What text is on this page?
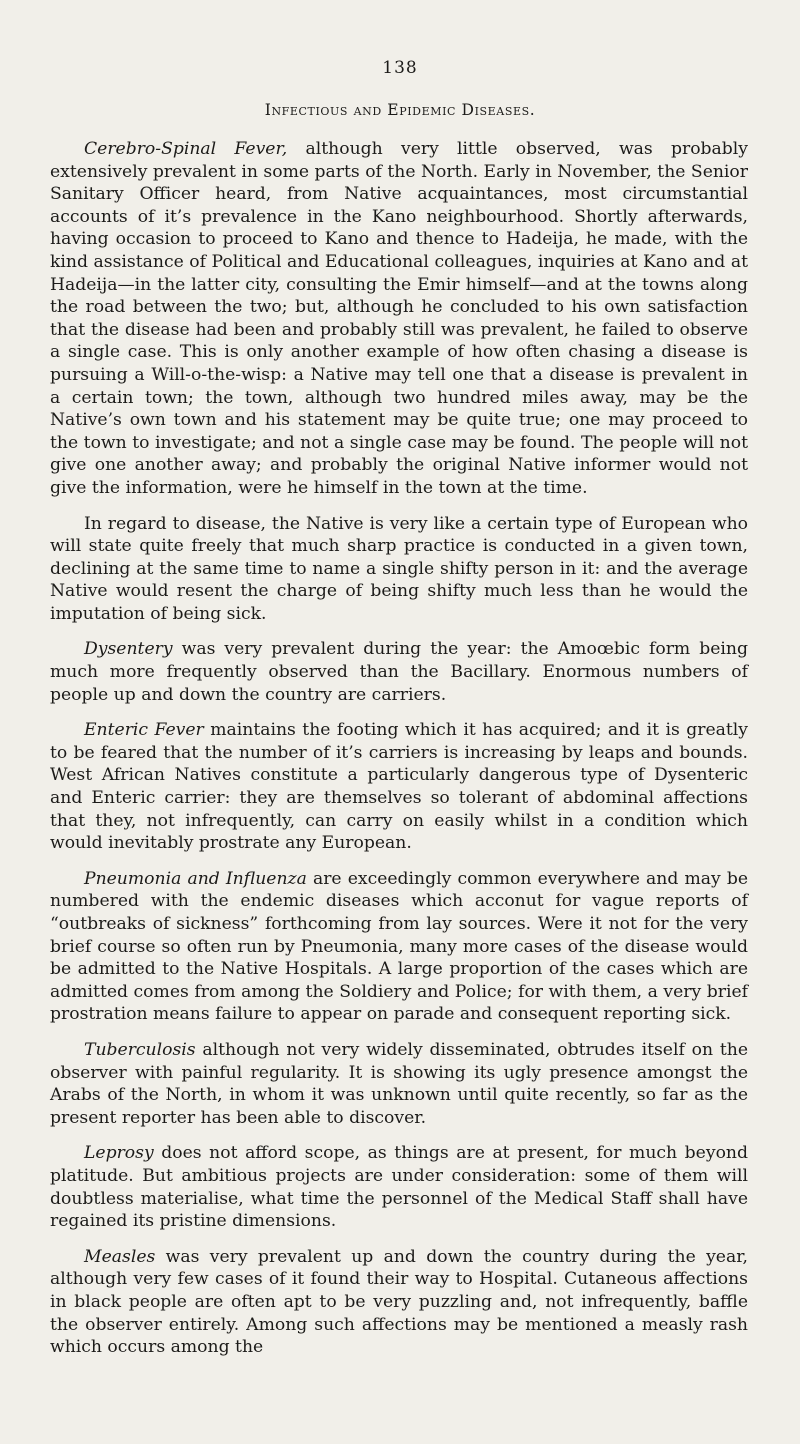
138
Infectious and Epidemic Diseases.

Cerebro-Spinal Fever, although very little observed, was probably extensively prevalent in some parts of the North. Early in November, the Senior Sanitary Officer heard, from Native acquaintances, most circumstantial accounts of it’s prevalence in the Kano neighbourhood. Shortly afterwards, having occasion to proceed to Kano and thence to Hadeija, he made, with the kind assistance of Political and Educational colleagues, inquiries at Kano and at Hadeija—in the latter city, consulting the Emir himself—and at the towns along the road between the two; but, although he concluded to his own satisfaction that the disease had been and probably still was prevalent, he failed to observe a single case. This is only another example of how often chasing a disease is pursuing a Will-o-the-wisp: a Native may tell one that a disease is prevalent in a certain town; the town, although two hundred miles away, may be the Native’s own town and his statement may be quite true; one may proceed to the town to investigate; and not a single case may be found. The people will not give one another away; and probably the original Native informer would not give the information, were he himself in the town at the time.

In regard to disease, the Native is very like a certain type of European who will state quite freely that much sharp practice is conducted in a given town, declining at the same time to name a single shifty person in it: and the average Native would resent the charge of being shifty much less than he would the imputation of being sick.

Dysentery was very prevalent during the year: the Amoœbic form being much more frequently observed than the Bacillary. Enormous numbers of people up and down the country are carriers.

Enteric Fever maintains the footing which it has acquired; and it is greatly to be feared that the number of it’s carriers is increasing by leaps and bounds. West African Natives constitute a particularly dangerous type of Dysenteric and Enteric carrier: they are themselves so tolerant of abdominal affections that they, not infrequently, can carry on easily whilst in a condition which would inevitably prostrate any European.

Pneumonia and Influenza are exceedingly common everywhere and may be numbered with the endemic diseases which acconut for vague reports of “outbreaks of sickness” forthcoming from lay sources. Were it not for the very brief course so often run by Pneumonia, many more cases of the disease would be admitted to the Native Hospitals. A large proportion of the cases which are admitted comes from among the Soldiery and Police; for with them, a very brief prostration means failure to appear on parade and consequent reporting sick.

Tuberculosis although not very widely disseminated, obtrudes itself on the observer with painful regularity. It is showing its ugly presence amongst the Arabs of the North, in whom it was unknown until quite recently, so far as the present reporter has been able to discover.

Leprosy does not afford scope, as things are at present, for much beyond platitude. But ambitious projects are under consideration: some of them will doubtless materialise, what time the personnel of the Medical Staff shall have regained its pristine dimensions.

Measles was very prevalent up and down the country during the year, although very few cases of it found their way to Hospital. Cutaneous affections in black people are often apt to be very puzzling and, not infrequently, baffle the observer entirely. Among such affections may be mentioned a measly rash which occurs among the
